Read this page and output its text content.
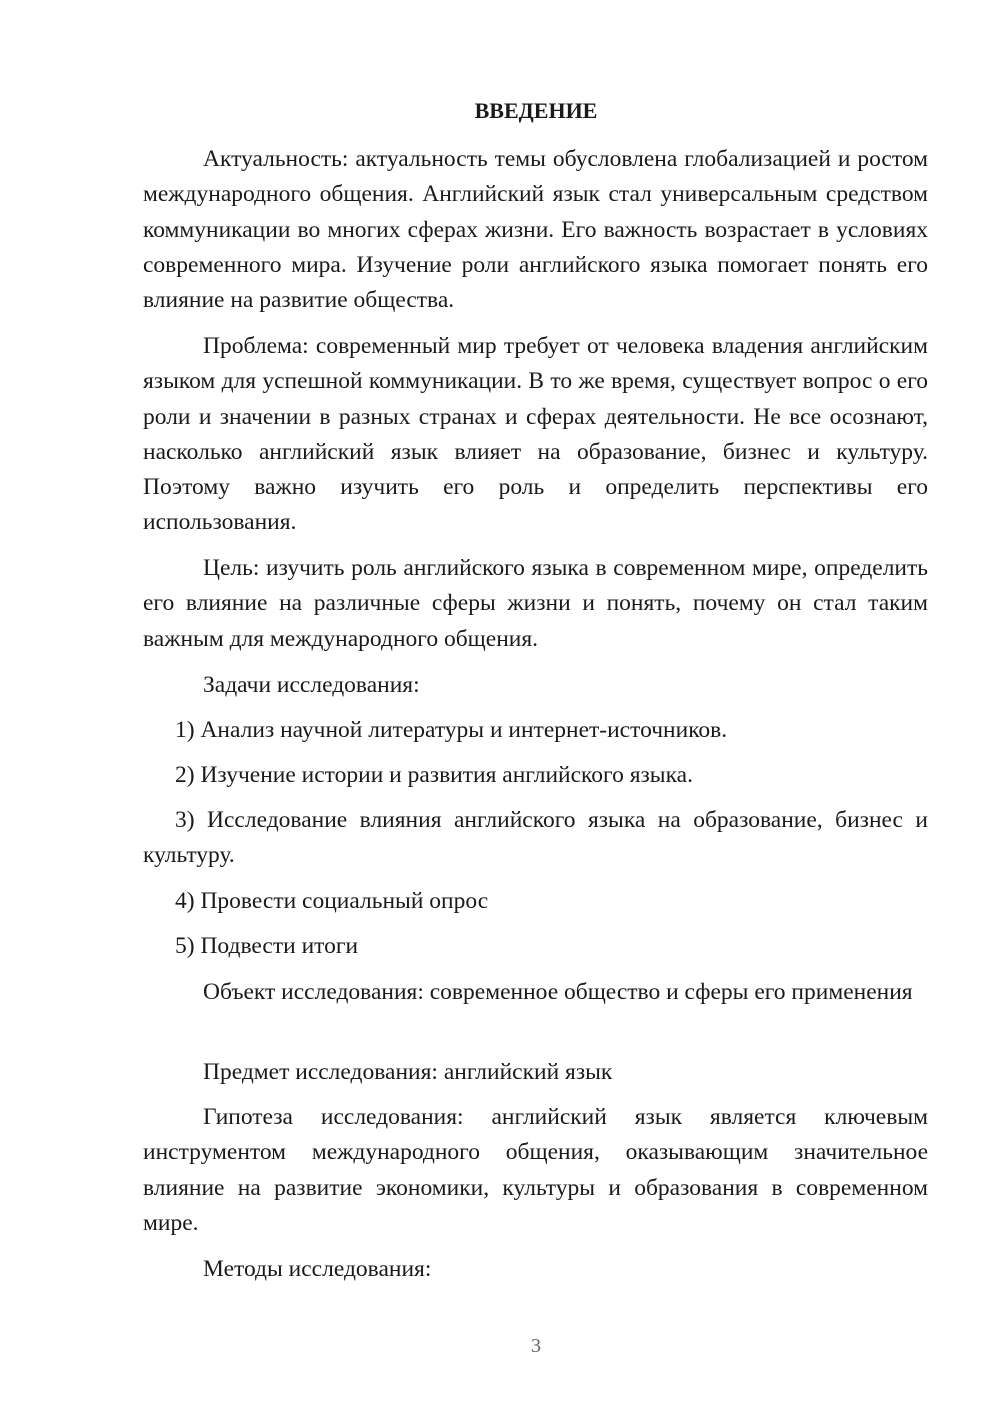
ВВЕДЕНИЕ

Актуальность: актуальность темы обусловлена глобализацией и ростом международного общения. Английский язык стал универсальным средством коммуникации во многих сферах жизни. Его важность возрастает в условиях современного мира. Изучение роли английского языка помогает понять его влияние на развитие общества.

Проблема: современный мир требует от человека владения английским языком для успешной коммуникации. В то же время, существует вопрос о его роли и значении в разных странах и сферах деятельности. Не все осознают, насколько английский язык влияет на образование, бизнес и культуру. Поэтому важно изучить его роль и определить перспективы его использования.

Цель: изучить роль английского языка в современном мире, определить его влияние на различные сферы жизни и понять, почему он стал таким важным для международного общения.

Задачи исследования:

1) Анализ научной литературы и интернет-источников.

2) Изучение истории и развития английского языка.

3) Исследование влияния английского языка на образование, бизнес и культуру.

4) Провести социальный опрос

5) Подвести итоги

Объект исследования: современное общество и сферы его применения

Предмет исследования: английский язык

Гипотеза исследования: английский язык является ключевым инструментом международного общения, оказывающим значительное влияние на развитие экономики, культуры и образования в современном мире.

Методы исследования:

3
